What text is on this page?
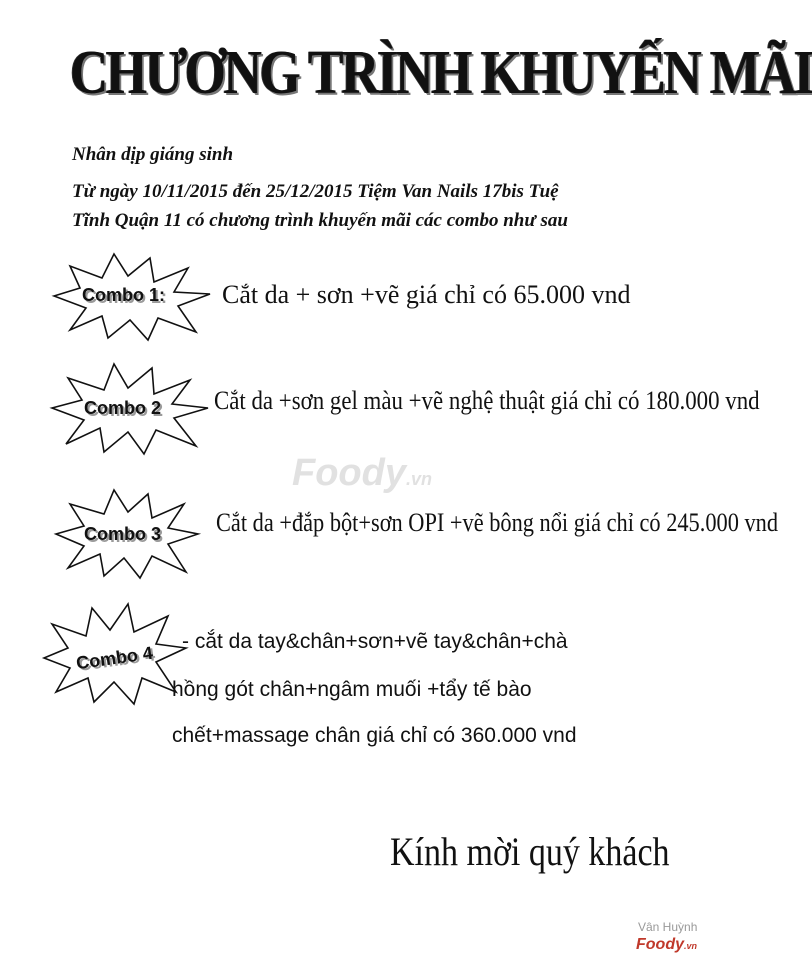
CHƯƠNG TRÌNH KHUYẾN MÃI
Nhân dịp giáng sinh
Từ ngày 10/11/2015 đến 25/12/2015 Tiệm Van Nails 17bis Tuệ
Tĩnh Quận 11 có chương trình khuyến mãi các combo như sau
Combo 1: Cắt da + sơn +vẽ giá chỉ có 65.000 vnd
Combo 2 Cắt da +sơn gel màu +vẽ nghệ thuật giá chỉ có 180.000 vnd
Combo 3 Cắt da +đắp bột+sơn OPI +vẽ bông nổi giá chỉ có 245.000 vnd
Combo 4
- cắt da tay&chân+sơn+vẽ tay&chân+chà
hồng gót chân+ngâm muối +tẩy tế bào
chết+massage chân giá chỉ có 360.000 vnd
Kính mời quý khách
Foody.vn
Vân Huỳnh
Foody.vn
